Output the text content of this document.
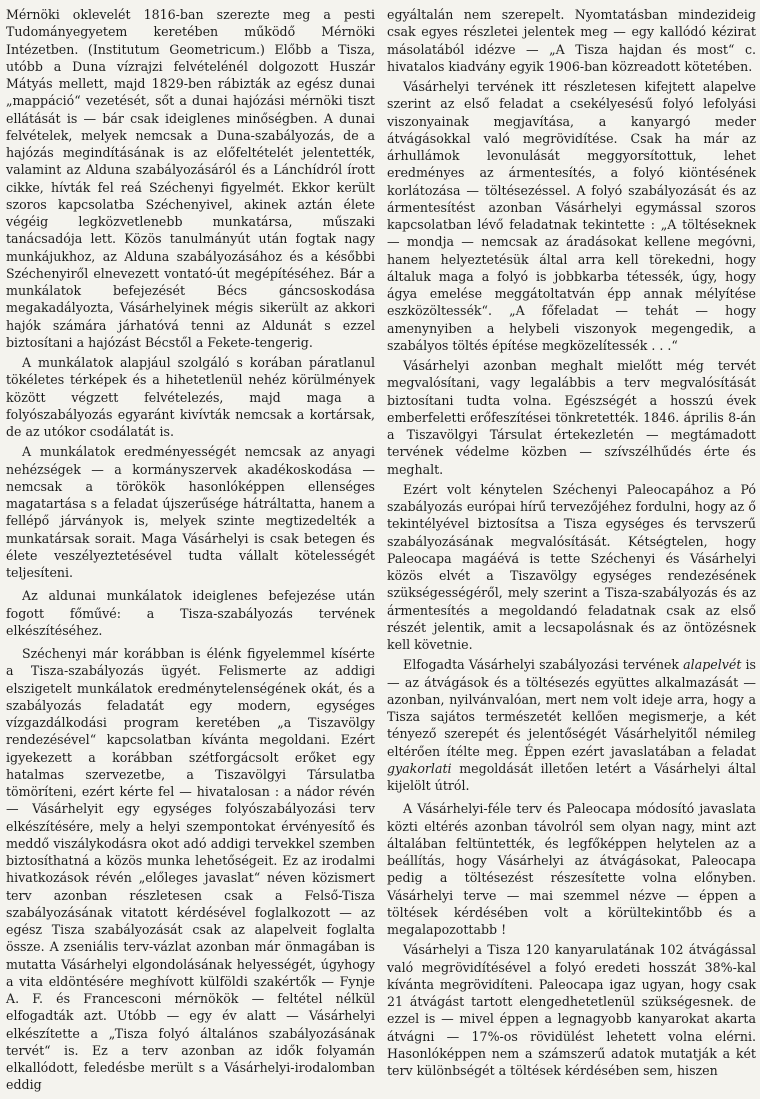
Mérnöki oklevelét 1816-ban szerezte meg a pesti Tudományegyetem keretében működő Mérnöki Intézetben. (Institutum Geometricum.) Előbb a Tisza, utóbb a Duna vízrajzi felvételénél dolgozott Huszár Mátyás mellett, majd 1829-ben rábizták az egész dunai „mappáció“ vezetését, sőt a dunai hajózási mérnöki tiszt ellátását is — bár csak ideiglenes minőségben. A dunai felvételek, melyek nemcsak a Duna-szabályozás, de a hajózás megindításának is az előfeltételét jelentették, valamint az Alduna szabályozásáról és a Lánchídról írott cikke, hívták fel reá Széchenyi figyelmét. Ekkor került szoros kapcsolatba Széchenyivel, akinek aztán élete végéig legközvetlenebb munkatársa, műszaki tanácsadója lett. Közös tanulmányút után fogtak nagy munkájukhoz, az Alduna szabályozásához és a későbbi Széchenyiről elnevezett vontató-út megépítéséhez. Bár a munkálatok befejezését Bécs gáncsoskodása megakadályozta, Vásárhelyinek mégis sikerült az akkori hajók számára járhatóvá tenni az Aldunát s ezzel biztosítani a hajózást Bécstől a Fekete-tengerig.

A munkálatok alapjául szolgáló s korában páratlanul tökéletes térképek és a hihetetlenül nehéz körülmények között végzett felvételezés, majd maga a folyószabályozás egyaránt kivívták nemcsak a kortársak, de az utókor csodálatát is.

A munkálatok eredményességét nemcsak az anyagi nehézségek — a kormányszervek akadékoskodása — nemcsak a törökök hasonlóképpen ellenséges magatartása s a feladat újszerűsége hátráltatta, hanem a fellépő járványok is, melyek szinte megtizedelték a munkatársak sorait. Maga Vásárhelyi is csak betegen és élete veszélyeztetésével tudta vállalt kötelességét teljesíteni.

Az aldunai munkálatok ideiglenes befejezése után fogott főművé: a Tisza-szabályozás tervének elkészítéséhez.

Széchenyi már korábban is élénk figyelemmel kísérte a Tisza-szabályozás ügyét. Felismerte az addigi elszigetelt munkálatok eredménytelenségének okát, és a szabályozás feladatát egy modern, egységes vízgazdálkodási program keretében „a Tiszavölgy rendezésével“ kapcsolatban kívánta megoldani. Ezért igyekezett a korábban szétforgácsolt erőket egy hatalmas szervezetbe, a Tiszavölgyi Társulatba tömöríteni, ezért kérte fel — hivatalosan : a nádor révén — Vásárhelyit egy egységes folyószabályozási terv elkészítésére, mely a helyi szempontokat érvényesítő és meddő viszálykodásra okot adó addigi tervekkel szemben biztosíthatná a közös munka lehetőségeit. Ez az irodalmi hivatkozások révén „előleges javaslat“ néven közismert terv azonban részletesen csak a Felső-Tisza szabályozásának vitatott kérdésével foglalkozott — az egész Tisza szabályozását csak az alapelveit foglalta össze. A zseniális terv-vázlat azonban már önmagában is mutatta Vásárhelyi elgondolásának helyességét, úgyhogy a vita eldöntésére meghívott külföldi szakértők — Fynje A. F. és Francesconi mérnökök — feltétel nélkül elfogadták azt. Utóbb — egy év alatt — Vásárhelyi elkészítette a „Tisza folyó általános szabályozásának tervét“ is. Ez a terv azonban az idők folyamán elkallódott, feledésbe merült s a Vásárhelyi-irodalomban eddig

egyáltalán nem szerepelt. Nyomtatásban mindezideig csak egyes részletei jelentek meg — egy kallódó kézirat másolatából idézve — „A Tisza hajdan és most“ c. hivatalos kiadvány egyik 1906-ban közreadott kötetében.

Vásárhelyi tervének itt részletesen kifejtett alapelve szerint az első feladat a csekélyesésű folyó lefolyási viszonyainak megjavítása, a kanyargó meder átvágásokkal való megrövidítése. Csak ha már az árhullámok levonulását meggyorsítottuk, lehet eredményes az ármentesítés, a folyó kiöntésének korlátozása — töltésezéssel. A folyó szabályozását és az ármentesítést azonban Vásárhelyi egymással szoros kapcsolatban lévő feladatnak tekintette : „A töltéseknek — mondja — nemcsak az áradásokat kellene megóvni, hanem helyeztetésük által arra kell törekedni, hogy általuk maga a folyó is jobbkarba tétessék, úgy, hogy ágya emelése meggátoltatván épp annak mélyítése eszközöltessék“. „A főfeladat — tehát — hogy amenynyiben a helybeli viszonyok megengedik, a szabályos töltés építése megközelítessék . . .“

Vásárhelyi azonban meghalt mielőtt még tervét megvalósítani, vagy legalábbis a terv megvalósítását biztosítani tudta volna. Egészségét a hosszú évek emberfeletti erőfeszítései tönkretették. 1846. április 8-án a Tiszavölgyi Társulat értekezletén — megtámadott tervének védelme közben — szívszélhűdés érte és meghalt.

Ezért volt kénytelen Széchenyi Paleocapához a Pó szabályozás európai hírű tervezőjéhez fordulni, hogy az ő tekintélyével biztosítsa a Tisza egységes és tervszerű szabályozásának megvalósítását. Kétségtelen, hogy Paleocapa magáévá is tette Széchenyi és Vásárhelyi közös elvét a Tiszavölgy egységes rendezésének szükségességéről, mely szerint a Tisza-szabályozás és az ármentesítés a megoldandó feladatnak csak az első részét jelentik, amit a lecsapolásnak és az öntözésnek kell követnie.

Elfogadta Vásárhelyi szabályozási tervének alapelvét is — az átvágások és a töltésezés együttes alkalmazását — azonban, nyilvánvalóan, mert nem volt ideje arra, hogy a Tisza sajátos természetét kellően megismerje, a két tényező szerepét és jelentőségét Vásárhelyitől némileg eltérően ítélte meg. Éppen ezért javaslatában a feladat gyakorlati megoldását illetően letért a Vásárhelyi által kijelölt útról.

A Vásárhelyi-féle terv és Paleocapa módosító javaslata közti eltérés azonban távolról sem olyan nagy, mint azt általában feltüntették, és legfőképpen helytelen az a beállítás, hogy Vásárhelyi az átvágásokat, Paleocapa pedig a töltésezést részesítette volna előnyben. Vásárhelyi terve — mai szemmel nézve — éppen a töltések kérdésében volt a körültekintőbb és a megalapozottabb !

Vásárhelyi a Tisza 120 kanyarulatának 102 átvágással való megrövidítésével a folyó eredeti hosszát 38%-kal kívánta megrövidíteni. Paleocapa igaz ugyan, hogy csak 21 átvágást tartott elengedhetetlenül szükségesnek. de ezzel is — mivel éppen a legnagyobb kanyarokat akarta átvágni — 17%-os rövidülést lehetett volna elérni. Hasonlóképpen nem a számszerű adatok mutatják a két terv különbségét a töltések kérdésében sem, hiszen
